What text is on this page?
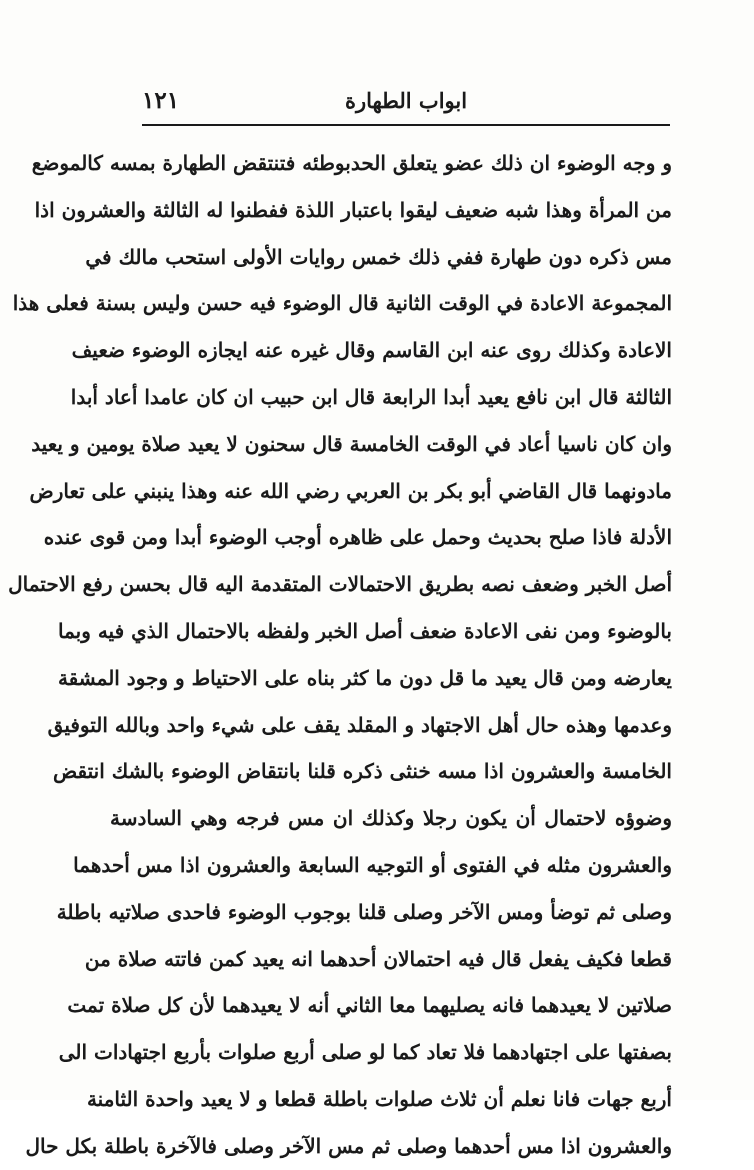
ابواب الطهارة
١٢١
و وجه الوضوء ان ذلك عضو يتعلق الحدبوطئه فتنتقض الطهارة بمسه كالموضع
من المرأة وهذا شبه ضعيف ليقوا باعتبار اللذة ففطنوا له الثالثة والعشرون اذا
مس ذكره دون طهارة ففي ذلك خمس روايات الأولى استحب مالك في
المجموعة الاعادة في الوقت الثانية قال الوضوء فيه حسن وليس بسنة فعلى هذا
الاعادة وكذلك روى عنه ابن القاسم وقال غيره عنه ايجازه الوضوء ضعيف
الثالثة قال ابن نافع يعيد أبدا الرابعة قال ابن حبيب ان كان عامدا أعاد أبدا
وان كان ناسيا أعاد في الوقت الخامسة قال سحنون لا يعيد صلاة يومين و يعيد
مادونهما قال القاضي أبو بكر بن العربي رضي الله عنه وهذا ينبني على تعارض
الأدلة فاذا صلح بحديث وحمل على ظاهره أوجب الوضوء أبدا ومن قوى عنده
أصل الخبر وضعف نصه بطريق الاحتمالات المتقدمة اليه قال بحسن رفع الاحتمال
بالوضوء ومن نفى الاعادة ضعف أصل الخبر ولفظه بالاحتمال الذي فيه وبما
يعارضه ومن قال يعيد ما قل دون ما كثر بناه على الاحتياط و وجود المشقة
وعدمها وهذه حال أهل الاجتهاد و المقلد يقف على شيء واحد وبالله التوفيق
الخامسة والعشرون اذا مسه خنثى ذكره قلنا بانتقاض الوضوء بالشك انتقض
وضوؤه لاحتمال أن يكون رجلا وكذلك ان مس فرجه وهي السادسة
والعشرون مثله في الفتوى أو التوجيه السابعة والعشرون اذا مس أحدهما
وصلى ثم توضأ ومس الآخر وصلى قلنا بوجوب الوضوء فاحدى صلاتيه باطلة
قطعا فكيف يفعل قال فيه احتمالان أحدهما انه يعيد كمن فاتته صلاة من
صلاتين لا يعيدهما فانه يصليهما معا الثاني أنه لا يعيدهما لأن كل صلاة تمت
بصفتها على اجتهادهما فلا تعاد كما لو صلى أربع صلوات بأربع اجتهادات الى
أربع جهات فانا نعلم أن ثلاث صلوات باطلة قطعا و لا يعيد واحدة الثامنة
والعشرون اذا مس أحدهما وصلى ثم مس الآخر وصلى فالآخرة باطلة بكل حال
